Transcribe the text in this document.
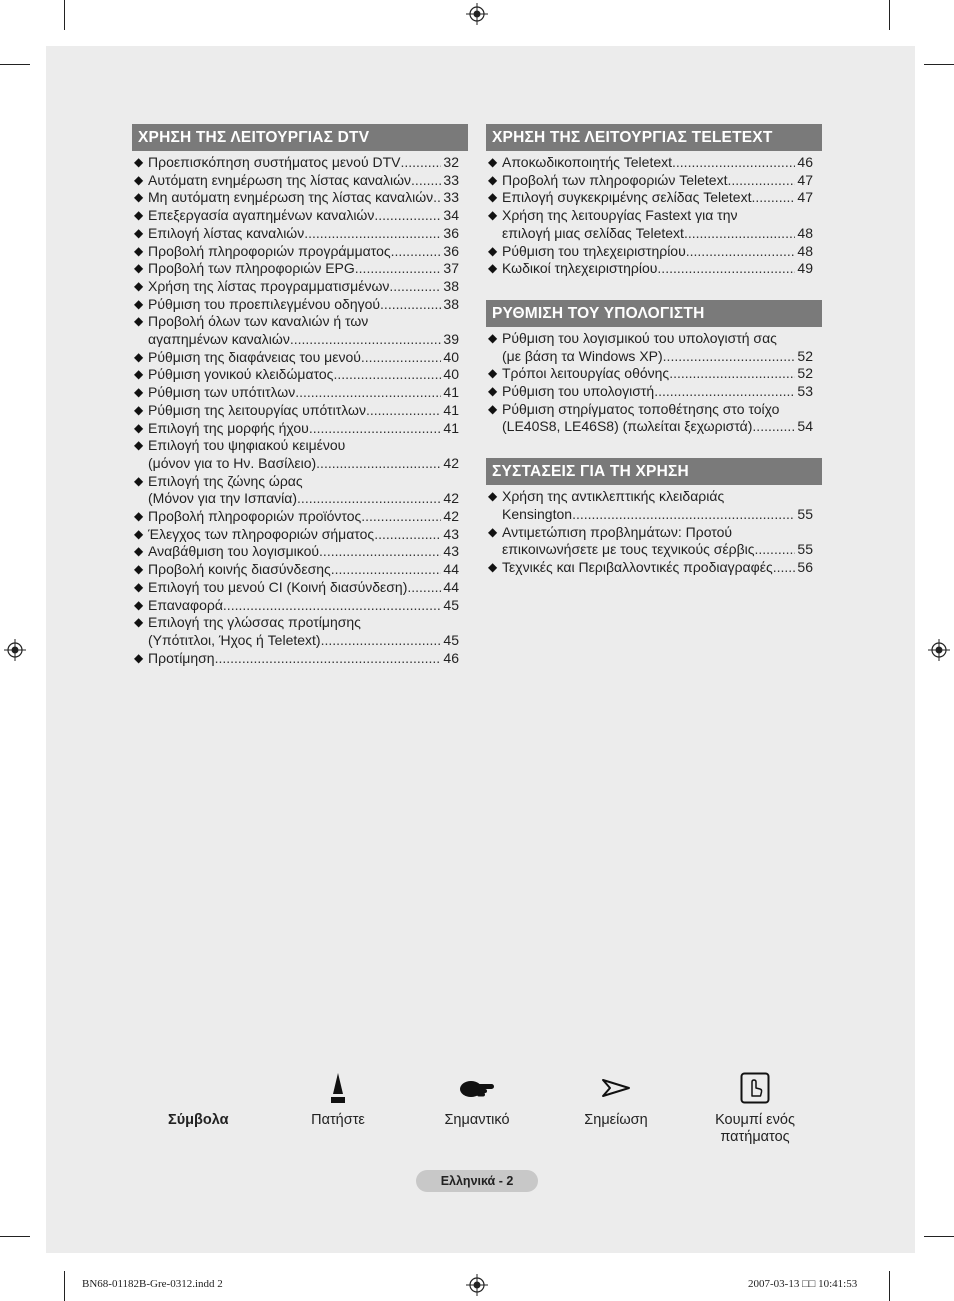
ΧΡΗΣΗ ΤΗΣ ΛΕΙΤΟΥΡΓΙΑΣ DTV
◆ Προεπισκόπηση συστήματος μενού DTV .....	32
◆ Αυτόματη ενημέρωση της λίστας καναλιών ..... 33
◆ Μη αυτόματη ενημέρωση της λίστας καναλιών ..... 33
◆ Επεξεργασία αγαπημένων καναλιών .....	34
◆ Επιλογή λίστας καναλιών .....	36
◆ Προβολή πληροφοριών προγράμματος .....	36
◆ Προβολή των πληροφοριών EPG .....	37
◆ Χρήση της λίστας προγραμματισμένων .....	38
◆ Ρύθμιση του προεπιλεγμένου οδηγού .....	38
◆ Προβολή όλων των καναλιών ή των
αγαπημένων καναλιών .....	39
◆ Ρύθμιση της διαφάνειας του μενού .....	40
◆ Ρύθμιση γονικού κλειδώματος .....	40
◆ Ρύθμιση των υπότιτλων .....	41
◆ Ρύθμιση της λειτουργίας υπότιτλων .....	41
◆ Επιλογή της μορφής ήχου .....	41
◆ Επιλογή του ψηφιακού κειμένου
(μόνον για το Ην. Βασίλειο) .....	42
◆ Επιλογή της ζώνης ώρας
(Μόνον για την Ισπανία) .....	42
◆ Προβολή πληροφοριών προϊόντος .....	42
◆ Έλεγχος των πληροφοριών σήματος .....	43
◆ Αναβάθμιση του λογισμικού .....	43
◆ Προβολή κοινής διασύνδεσης .....	44
◆ Επιλογή του μενού CI (Κοινή διασύνδεση) .....	44
◆ Επαναφορά .....	45
◆ Επιλογή της γλώσσας προτίμησης
(Υπότιτλοι, Ήχος ή Teletext) .....	45
◆ Προτίμηση .....	46
ΧΡΗΣΗ ΤΗΣ ΛΕΙΤΟΥΡΓΙΑΣ TELETEXT
◆ Αποκωδικοποιητής Teletext .....	46
◆ Προβολή των πληροφοριών Teletext .....	47
◆ Επιλογή συγκεκριμένης σελίδας Teletext .....	47
◆ Χρήση της λειτουργίας Fastext για την
επιλογή μιας σελίδας Teletext .....	48
◆ Ρύθμιση του τηλεχειριστηρίου .....	48
◆ Κωδικοί τηλεχειριστηρίου .....	49
ΡΥΘΜΙΣΗ ΤΟΥ ΥΠΟΛΟΓΙΣΤΗ
◆ Ρύθμιση του λογισμικού του υπολογιστή σας
(με βάση τα Windows XP) .....	52
◆ Τρόποι λειτουργίας οθόνης .....	52
◆ Ρύθμιση του υπολογιστή .....	53
◆ Ρύθμιση στηρίγματος τοποθέτησης στο τοίχο
(LE40S8, LE46S8) (πωλείται ξεχωριστά) .....	54
ΣΥΣΤΑΣΕΙΣ ΓΙΑ ΤΗ ΧΡΗΣΗ
◆ Χρήση της αντικλεπτικής κλειδαριάς
Kensington .....	55
◆ Αντιμετώπιση προβλημάτων: Προτού
επικοινωνήσετε με τους τεχνικούς σέρβις .....	55
◆ Τεχνικές και Περιβαλλοντικές προδιαγραφές ..... 56
Σύμβολα	Πατήστε	Σημαντικό	Σημείωση	Κουμπί ενός πατήματος
Ελληνικά - 2
BN68-01182B-Gre-0312.indd 2	2007-03-13 □□ 10:41:53
